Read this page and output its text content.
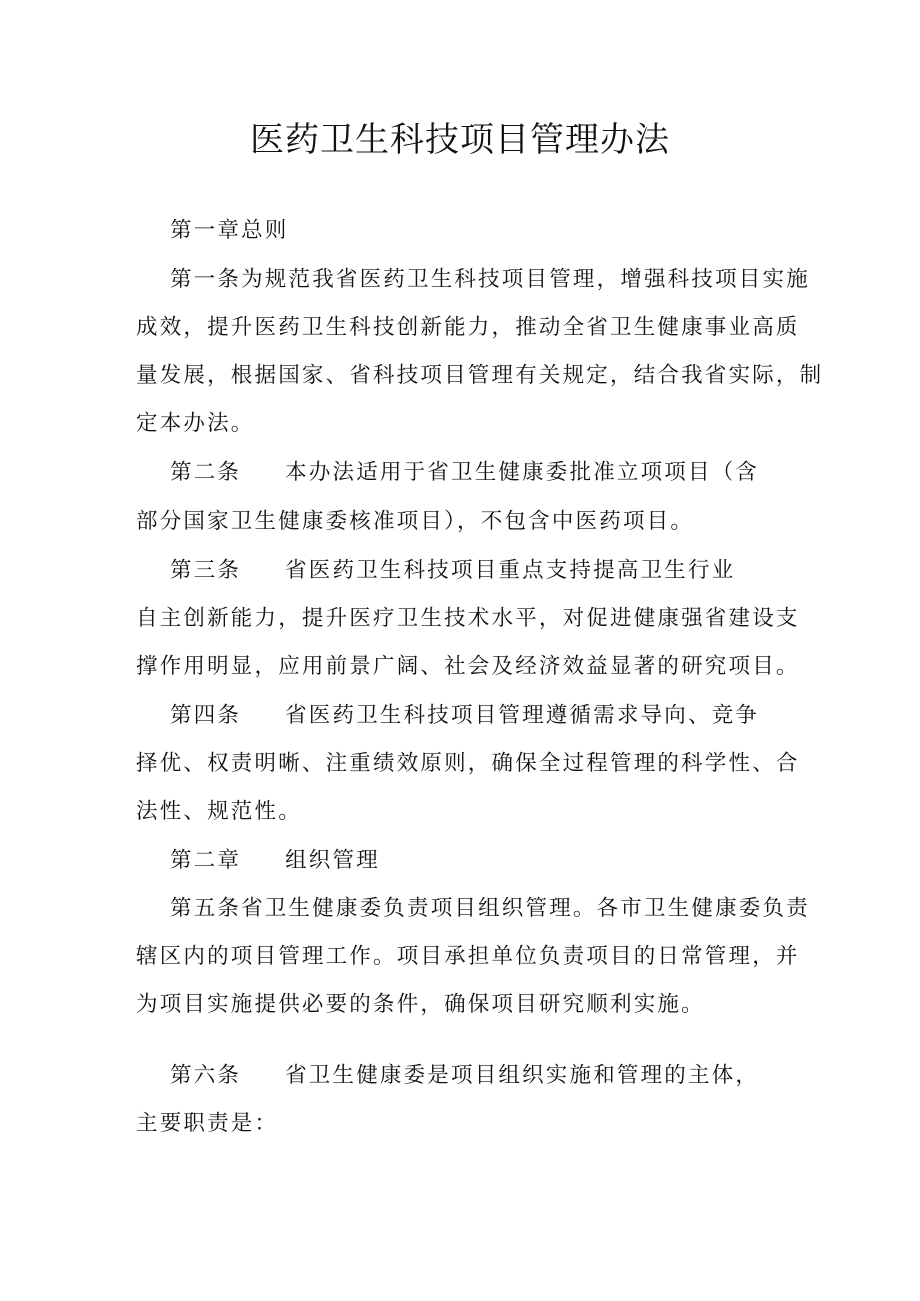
医药卫生科技项目管理办法

第一章总则

第一条为规范我省医药卫生科技项目管理，增强科技项目实施

成效，提升医药卫生科技创新能力，推动全省卫生健康事业高质

量发展，根据国家、省科技项目管理有关规定，结合我省实际，制

定本办法。

第二条 本办法适用于省卫生健康委批准立项项目（含

部分国家卫生健康委核准项目），不包含中医药项目。

第三条 省医药卫生科技项目重点支持提高卫生行业

自主创新能力，提升医疗卫生技术水平，对促进健康强省建设支

撑作用明显，应用前景广阔、社会及经济效益显著的研究项目。

第四条 省医药卫生科技项目管理遵循需求导向、竞争

择优、权责明晰、注重绩效原则，确保全过程管理的科学性、合

法性、规范性。

第二章 组织管理

第五条省卫生健康委负责项目组织管理。各市卫生健康委负责

辖区内的项目管理工作。项目承担单位负责项目的日常管理，并

为项目实施提供必要的条件，确保项目研究顺利实施。

第六条 省卫生健康委是项目组织实施和管理的主体，

主要职责是：
